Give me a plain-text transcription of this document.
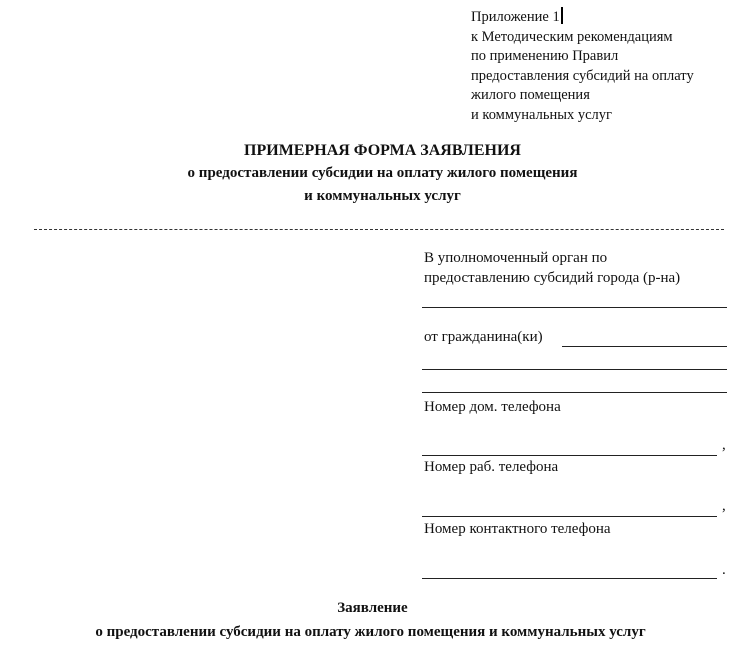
Приложение 1
к Методическим рекомендациям
по применению Правил
предоставления субсидий на оплату
жилого помещения
и коммунальных услуг
ПРИМЕРНАЯ ФОРМА ЗАЯВЛЕНИЯ
о предоставлении субсидии на оплату жилого помещения
и коммунальных услуг
В уполномоченный орган по
предоставлению субсидий города (р-на)
от гражданина(ки)
Номер дом. телефона
,
Номер раб. телефона
,
Номер контактного телефона
.
Заявление
о предоставлении субсидии на оплату жилого помещения и коммунальных услуг
